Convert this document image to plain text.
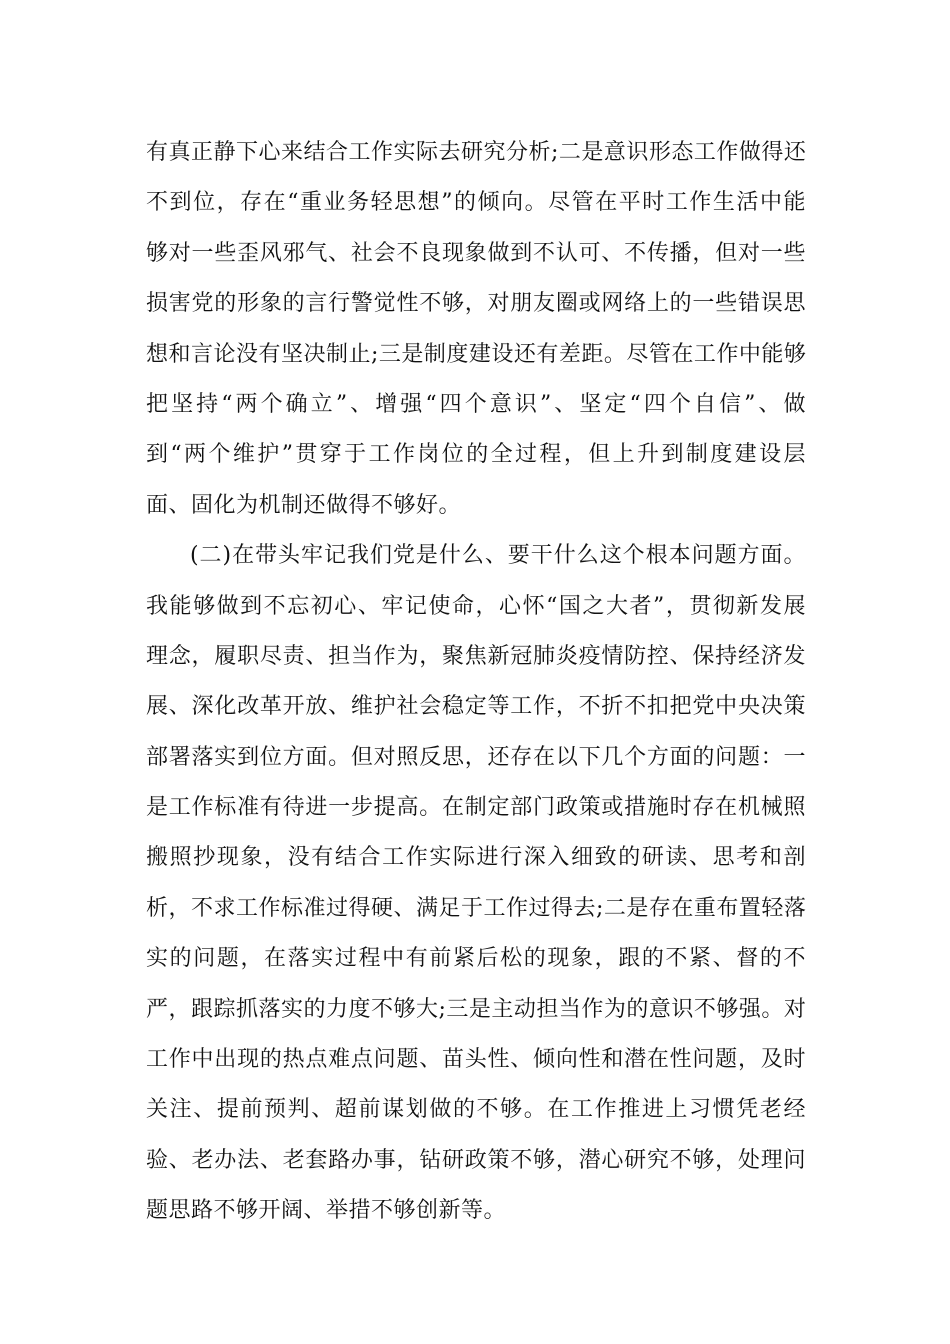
有真正静下心来结合工作实际去研究分析;二是意识形态工作做得还
不到位，存在“重业务轻思想”的倾向。尽管在平时工作生活中能
够对一些歪风邪气、社会不良现象做到不认可、不传播，但对一些
损害党的形象的言行警觉性不够，对朋友圈或网络上的一些错误思
想和言论没有坚决制止;三是制度建设还有差距。尽管在工作中能够
把坚持“两个确立”、增强“四个意识”、坚定“四个自信”、做
到“两个维护”贯穿于工作岗位的全过程，但上升到制度建设层
面、固化为机制还做得不够好。
(二)在带头牢记我们党是什么、要干什么这个根本问题方面。
我能够做到不忘初心、牢记使命，心怀“国之大者”，贯彻新发展
理念，履职尽责、担当作为，聚焦新冠肺炎疫情防控、保持经济发
展、深化改革开放、维护社会稳定等工作，不折不扣把党中央决策
部署落实到位方面。但对照反思，还存在以下几个方面的问题：一
是工作标准有待进一步提高。在制定部门政策或措施时存在机械照
搬照抄现象，没有结合工作实际进行深入细致的研读、思考和剖
析，不求工作标准过得硬、满足于工作过得去;二是存在重布置轻落
实的问题，在落实过程中有前紧后松的现象，跟的不紧、督的不
严，跟踪抓落实的力度不够大;三是主动担当作为的意识不够强。对
工作中出现的热点难点问题、苗头性、倾向性和潜在性问题，及时
关注、提前预判、超前谋划做的不够。在工作推进上习惯凭老经
验、老办法、老套路办事，钻研政策不够，潜心研究不够，处理问
题思路不够开阔、举措不够创新等。
